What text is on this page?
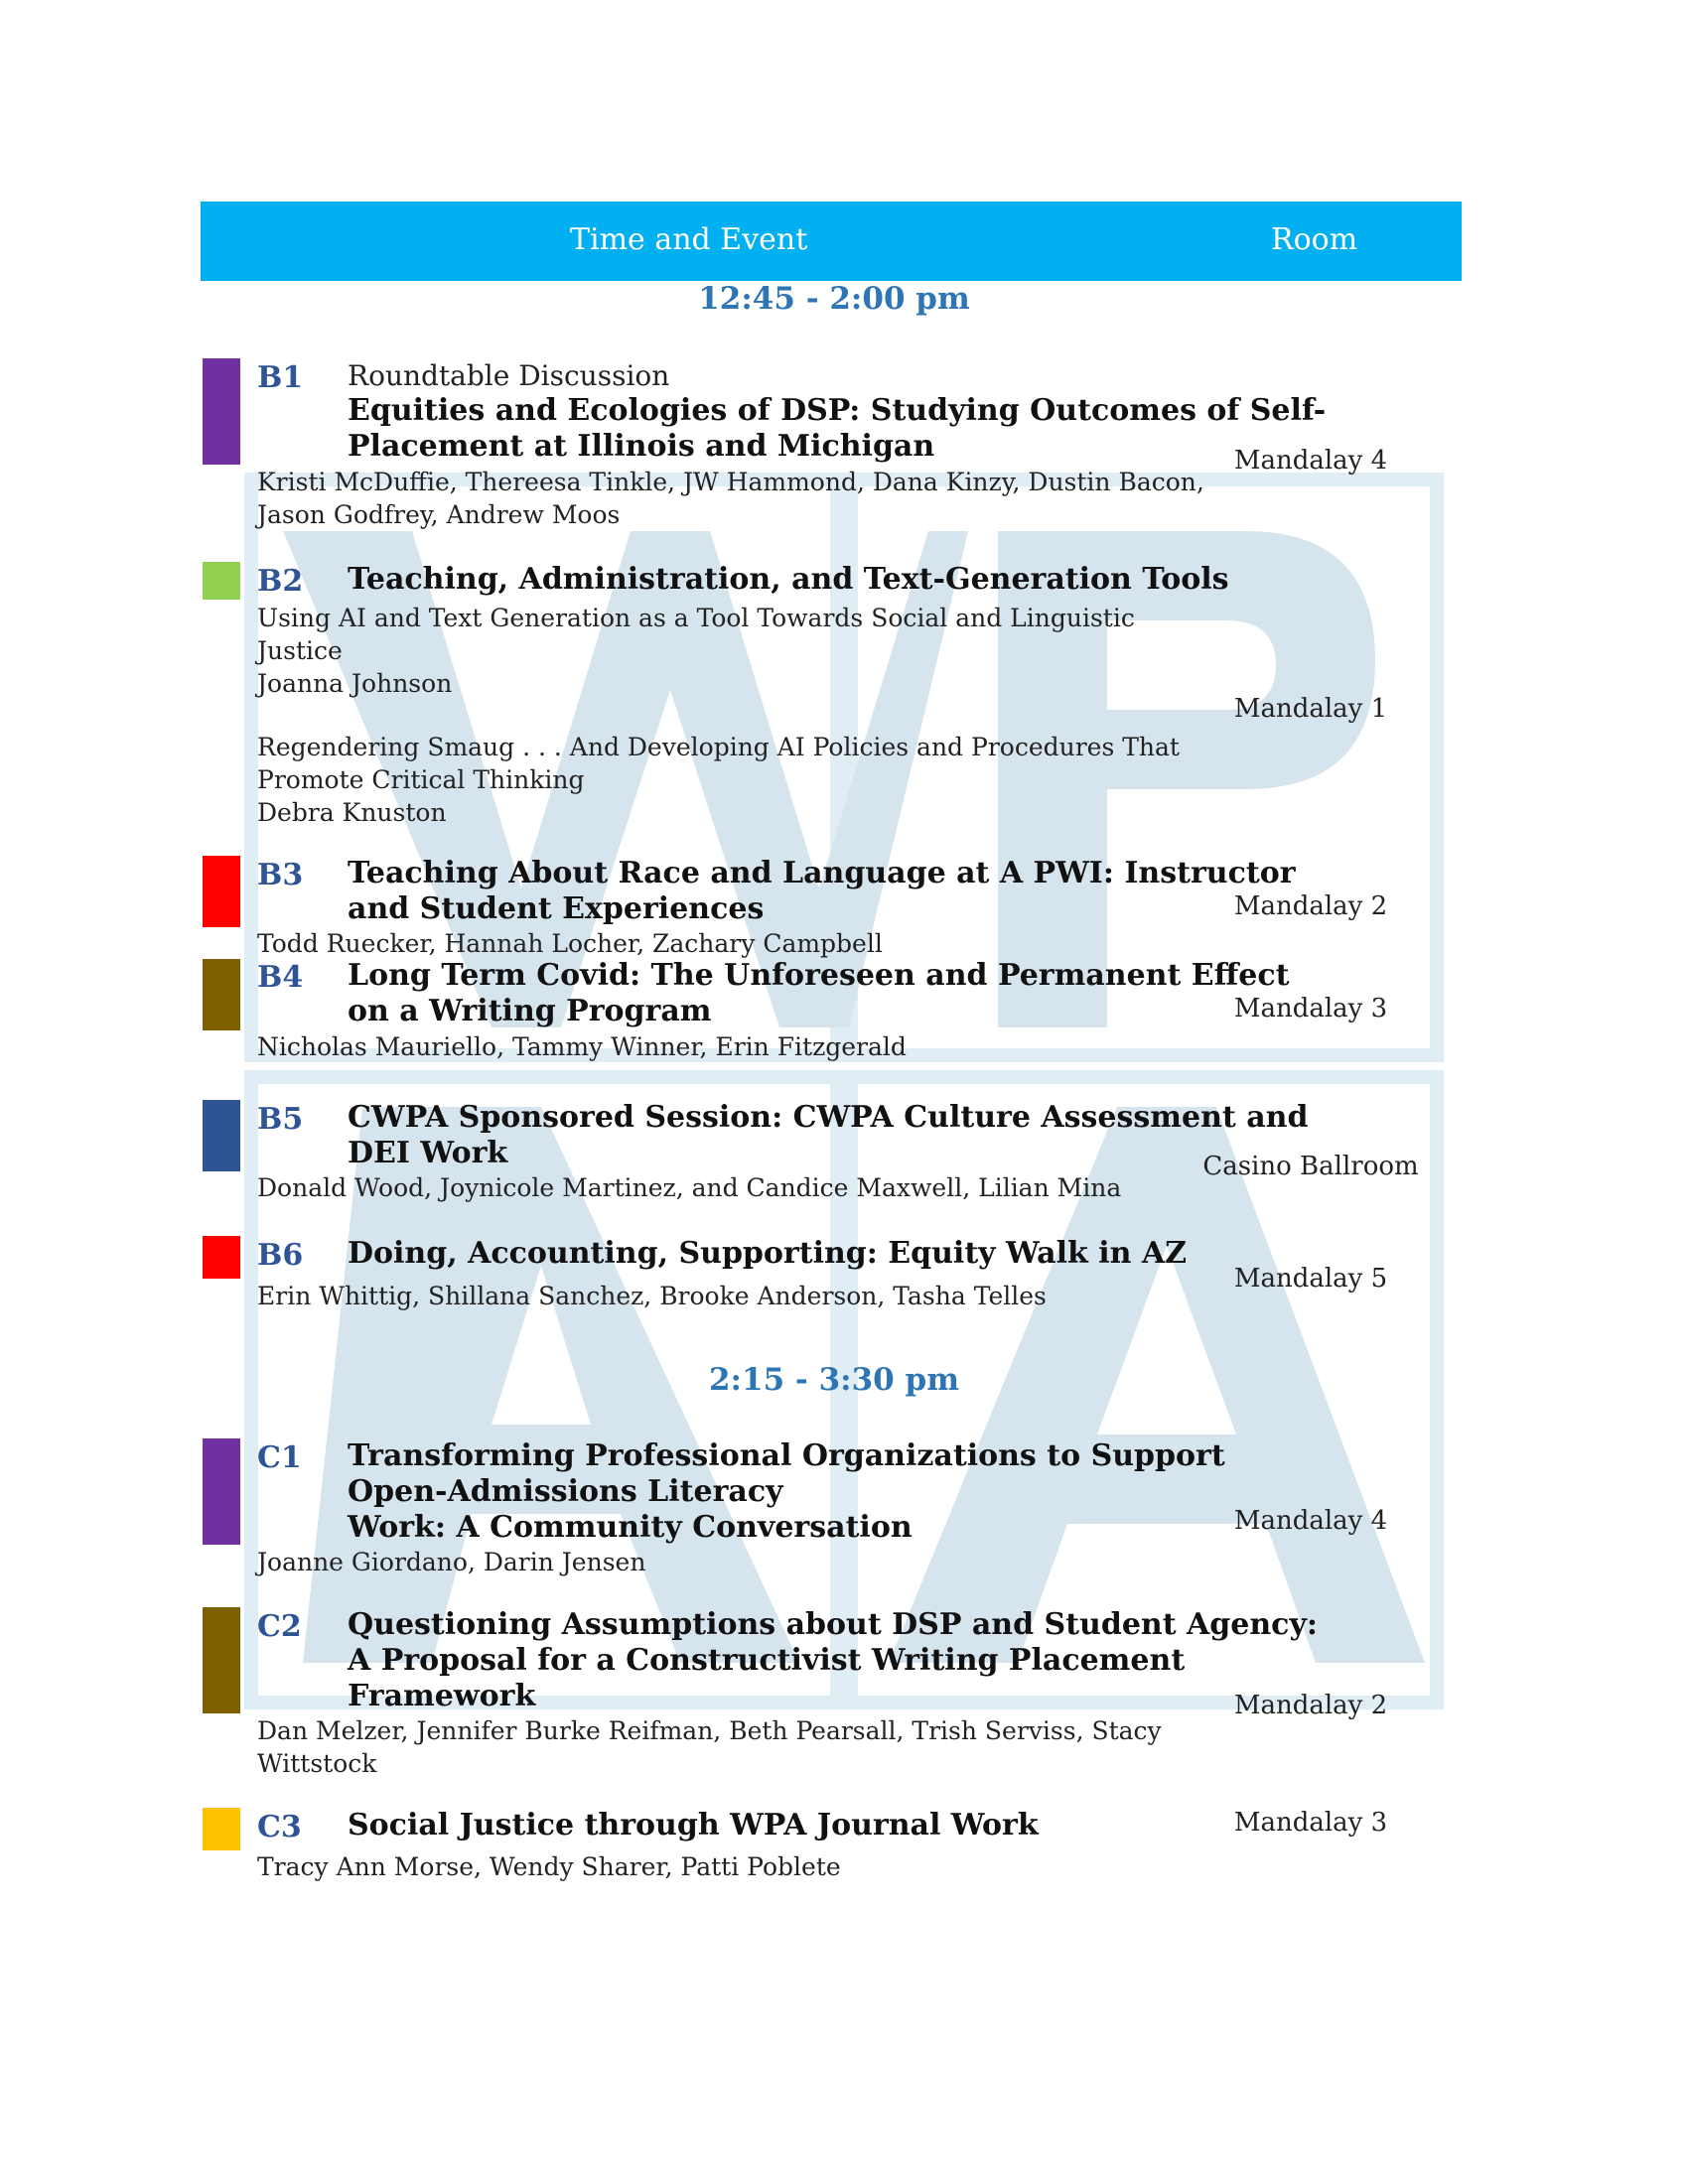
Time and Event	Room
12:45 - 2:00 pm
B1 Roundtable Discussion
Equities and Ecologies of DSP: Studying Outcomes of Self-
Placement at Illinois and Michigan
Kristi McDuffie, Thereesa Tinkle, JW Hammond, Dana Kinzy, Dustin Bacon,
Jason Godfrey, Andrew Moos
Mandalay 4
B2 Teaching, Administration, and Text-Generation Tools
Using AI and Text Generation as a Tool Towards Social and Linguistic
Justice
Joanna Johnson
Regendering Smaug . . . And Developing AI Policies and Procedures That
Promote Critical Thinking
Debra Knuston
Mandalay 1
B3 Teaching About Race and Language at A PWI: Instructor
and Student Experiences
Todd Ruecker, Hannah Locher, Zachary Campbell
Mandalay 2
B4 Long Term Covid: The Unforeseen and Permanent Effect
on a Writing Program
Nicholas Mauriello, Tammy Winner, Erin Fitzgerald
Mandalay 3
B5 CWPA Sponsored Session: CWPA Culture Assessment and
DEI Work
Donald Wood, Joynicole Martinez, and Candice Maxwell, Lilian Mina
Casino Ballroom
B6 Doing, Accounting, Supporting: Equity Walk in AZ
Erin Whittig, Shillana Sanchez, Brooke Anderson, Tasha Telles
Mandalay 5
2:15 - 3:30 pm
C1 Transforming Professional Organizations to Support
Open-Admissions Literacy
Work: A Community Conversation
Joanne Giordano, Darin Jensen
Mandalay 4
C2 Questioning Assumptions about DSP and Student Agency:
A Proposal for a Constructivist Writing Placement
Framework
Dan Melzer, Jennifer Burke Reifman, Beth Pearsall, Trish Serviss, Stacy
Wittstock
Mandalay 2
C3 Social Justice through WPA Journal Work
Tracy Ann Morse, Wendy Sharer, Patti Poblete
Mandalay 3
